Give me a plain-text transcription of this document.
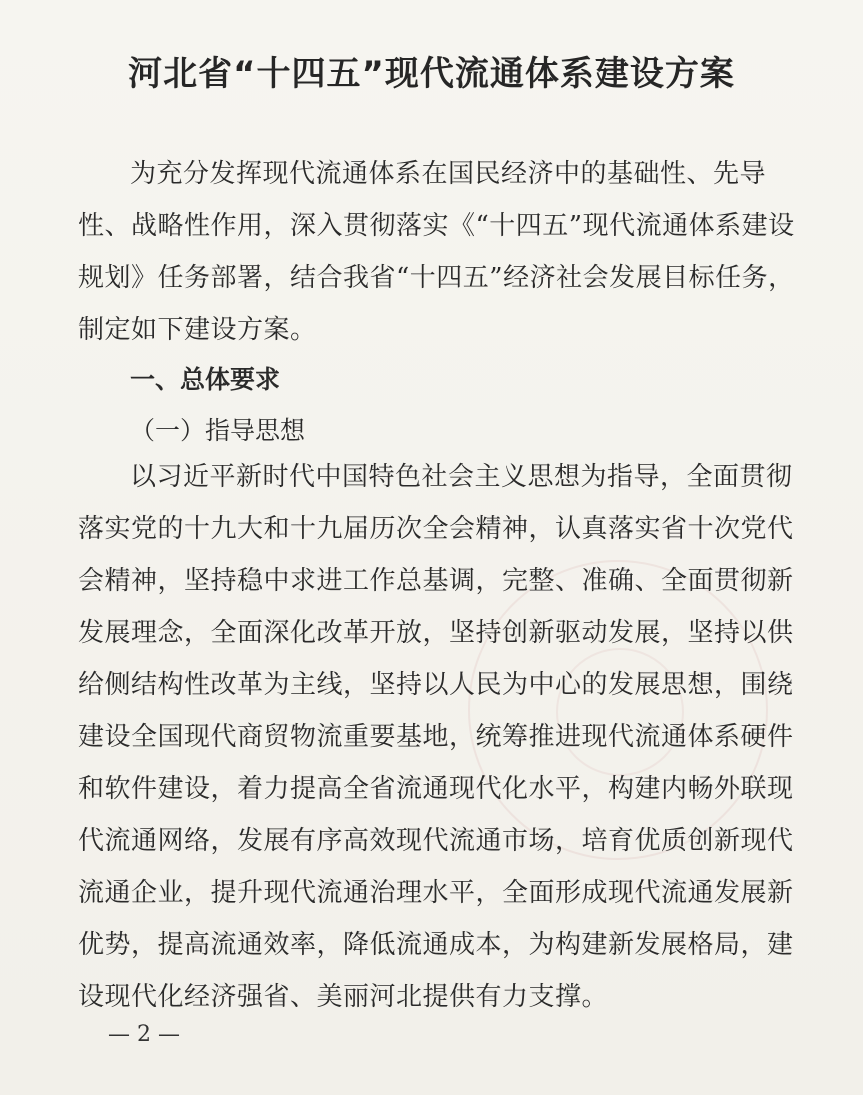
河北省“十四五”现代流通体系建设方案
为充分发挥现代流通体系在国民经济中的基础性、先导性、战略性作用，深入贯彻落实《“十四五”现代流通体系建设规划》任务部署，结合我省“十四五”经济社会发展目标任务，制定如下建设方案。
一、总体要求
（一）指导思想
以习近平新时代中国特色社会主义思想为指导，全面贯彻落实党的十九大和十九届历次全会精神，认真落实省十次党代会精神，坚持稳中求进工作总基调，完整、准确、全面贯彻新发展理念，全面深化改革开放，坚持创新驱动发展，坚持以供给侧结构性改革为主线，坚持以人民为中心的发展思想，围绕建设全国现代商贸物流重要基地，统筹推进现代流通体系硬件和软件建设，着力提高全省流通现代化水平，构建内畅外联现代流通网络，发展有序高效现代流通市场，培育优质创新现代流通企业，提升现代流通治理水平，全面形成现代流通发展新优势，提高流通效率，降低流通成本，为构建新发展格局，建设现代化经济强省、美丽河北提供有力支撑。
— 2 —
